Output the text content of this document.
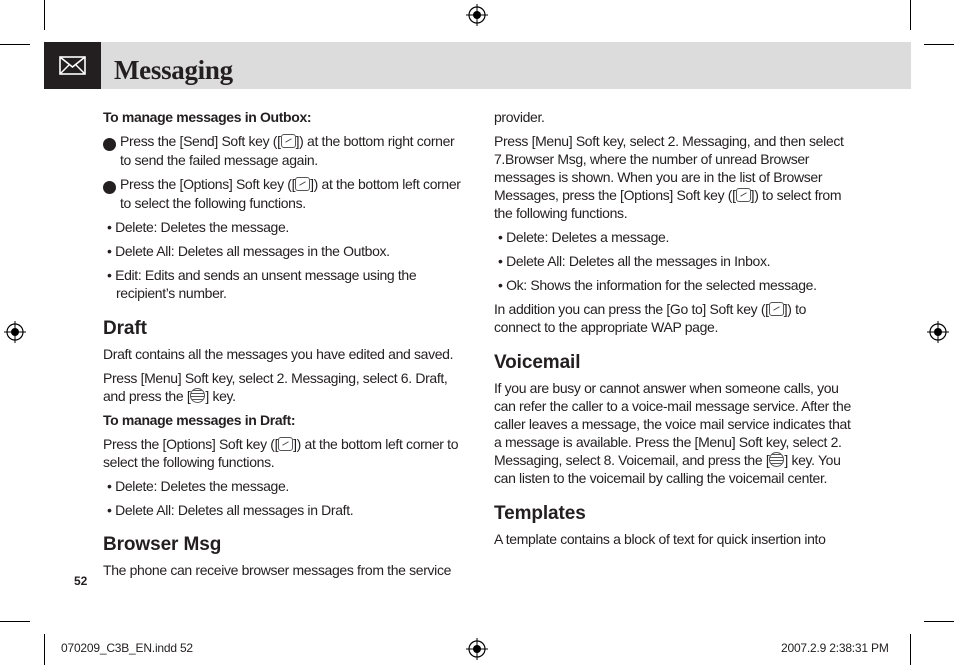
Messaging

To manage messages in Outbox:

1 Press the [Send] Soft key ([ ]) at the bottom right corner to send the failed message again.

2 Press the [Options] Soft key ([ ]) at the bottom left corner to select the following functions.

• Delete: Deletes the message.

• Delete All: Deletes all messages in the Outbox.

• Edit: Edits and sends an unsent message using the recipient’s number.

Draft

Draft contains all the messages you have edited and saved.

Press [Menu] Soft key, select 2. Messaging, select 6. Draft, and press the [ ] key.

To manage messages in Draft:

Press the [Options] Soft key ([ ]) at the bottom left corner to select the following functions.

• Delete: Deletes the message.

• Delete All: Deletes all messages in Draft.

Browser Msg

The phone can receive browser messages from the service

provider.

Press [Menu] Soft key, select 2. Messaging, and then select 7.Browser Msg, where the number of unread Browser messages is shown. When you are in the list of Browser Messages, press the [Options] Soft key ([ ]) to select from the following functions.

• Delete: Deletes a message.

• Delete All: Deletes all the messages in Inbox.

• Ok: Shows the information for the selected message.

In addition you can press the [Go to] Soft key ([ ]) to connect to the appropriate WAP page.

Voicemail

If you are busy or cannot answer when someone calls, you can refer the caller to a voice-mail message service. After the caller leaves a message, the voice mail service indicates that a message is available. Press the [Menu] Soft key, select 2. Messaging, select 8. Voicemail, and press the [ ] key. You can listen to the voicemail by calling the voicemail center.

Templates

A template contains a block of text for quick insertion into

52
070209_C3B_EN.indd 52	2007.2.9 2:38:31 PM
